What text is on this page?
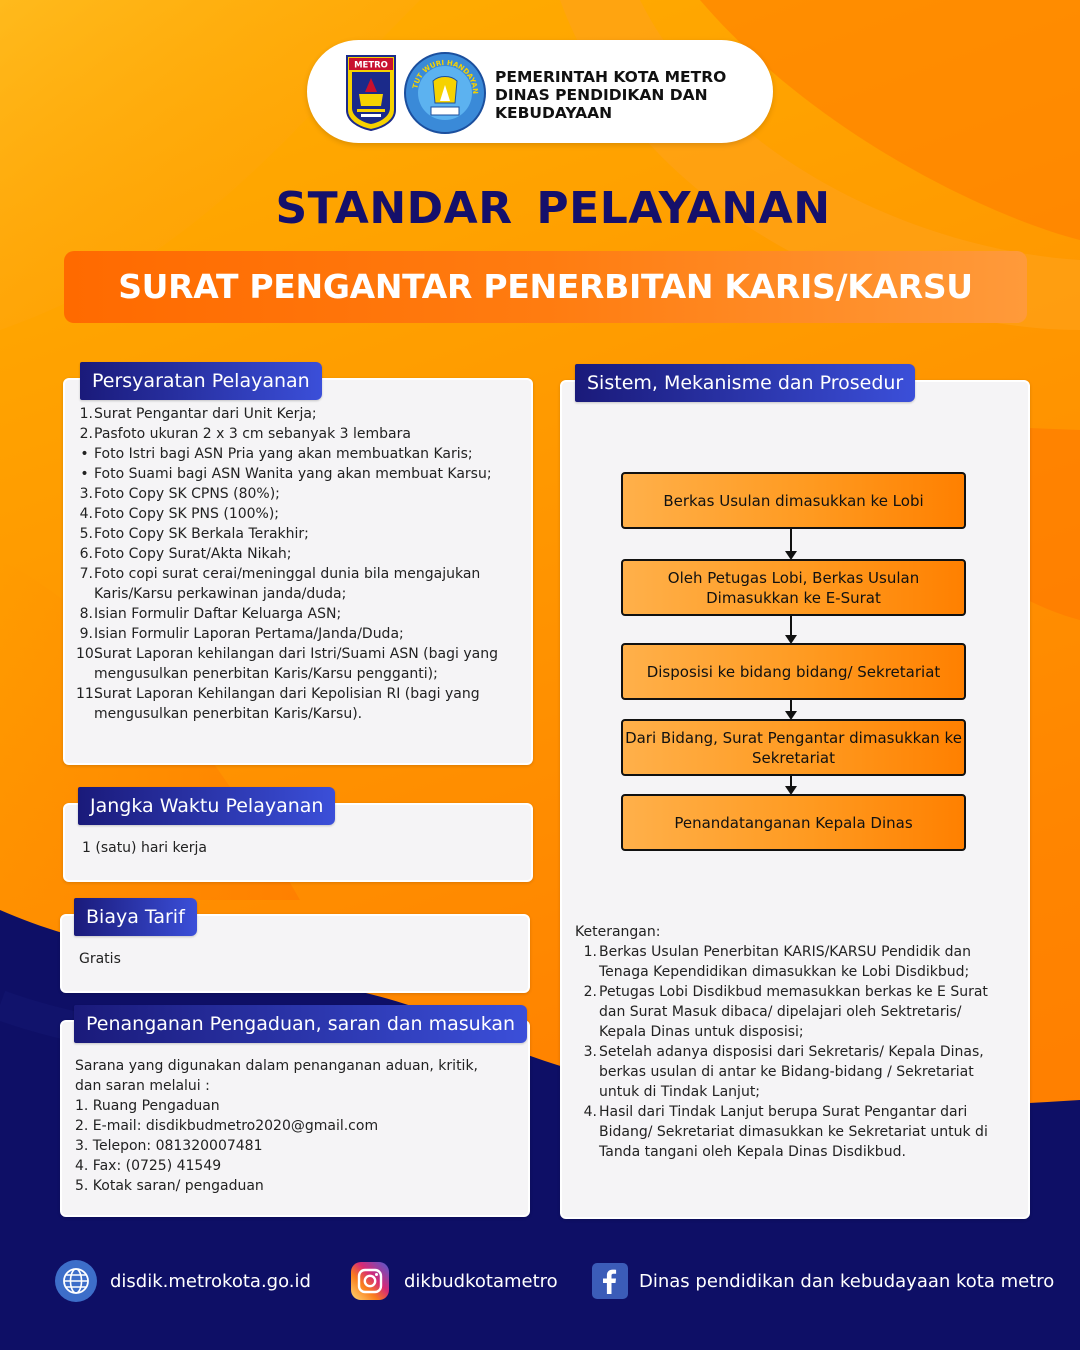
METRO
TUT WURI HANDAYAN
PEMERINTAH KOTA METRO
DINAS PENDIDIKAN DAN
KEBUDAYAAN
STANDAR PELAYANAN
SURAT PENGANTAR PENERBITAN KARIS/KARSU
Persyaratan Pelayanan
1. Surat Pengantar dari Unit Kerja;
2. Pasfoto ukuran 2 x 3 cm sebanyak 3 lembara
• Foto Istri bagi ASN Pria yang akan membuatkan Karis;
• Foto Suami bagi ASN Wanita yang akan membuat Karsu;
3. Foto Copy SK CPNS (80%);
4. Foto Copy SK PNS (100%);
5. Foto Copy SK Berkala Terakhir;
6. Foto Copy Surat/Akta Nikah;
7. Foto copi surat cerai/meninggal dunia bila mengajukan Karis/Karsu perkawinan janda/duda;
8. Isian Formulir Daftar Keluarga ASN;
9. Isian Formulir Laporan Pertama/Janda/Duda;
10.
Surat Laporan kehilangan dari Istri/Suami ASN (bagi yang mengusulkan penerbitan Karis/Karsu pengganti);
11.
Surat Laporan Kehilangan dari Kepolisian RI (bagi yang mengusulkan penerbitan Karis/Karsu).
Jangka Waktu Pelayanan
1 (satu) hari kerja
Biaya Tarif
Gratis
Penanganan Pengaduan, saran dan masukan
Sarana yang digunakan dalam penanganan aduan, kritik,
dan saran melalui :
1. Ruang Pengaduan
2. E-mail: disdikbudmetro2020@gmail.com
3. Telepon: 081320007481
4. Fax: (0725) 41549
5. Kotak saran/ pengaduan
Sistem, Mekanisme dan Prosedur
Berkas Usulan dimasukkan ke Lobi
Oleh Petugas Lobi, Berkas Usulan Dimasukkan ke E-Surat
Disposisi ke bidang bidang/ Sekretariat
Dari Bidang, Surat Pengantar dimasukkan ke Sekretariat
Penandatanganan Kepala Dinas
Keterangan:
1. Berkas Usulan Penerbitan KARIS/KARSU Pendidik dan Tenaga Kependidikan dimasukkan ke Lobi Disdikbud;
2. Petugas Lobi Disdikbud memasukkan berkas ke E Surat dan Surat Masuk dibaca/ dipelajari oleh Sektretaris/ Kepala Dinas untuk disposisi;
3. Setelah adanya disposisi dari Sekretaris/ Kepala Dinas, berkas usulan di antar ke Bidang-bidang / Sekretariat untuk di Tindak Lanjut;
4. Hasil dari Tindak Lanjut berupa Surat Pengantar dari Bidang/ Sekretariat dimasukkan ke Sekretariat untuk di Tanda tangani oleh Kepala Dinas Disdikbud.
disdik.metrokota.go.id	dikbudkotametro	Dinas pendidikan dan kebudayaan kota metro
